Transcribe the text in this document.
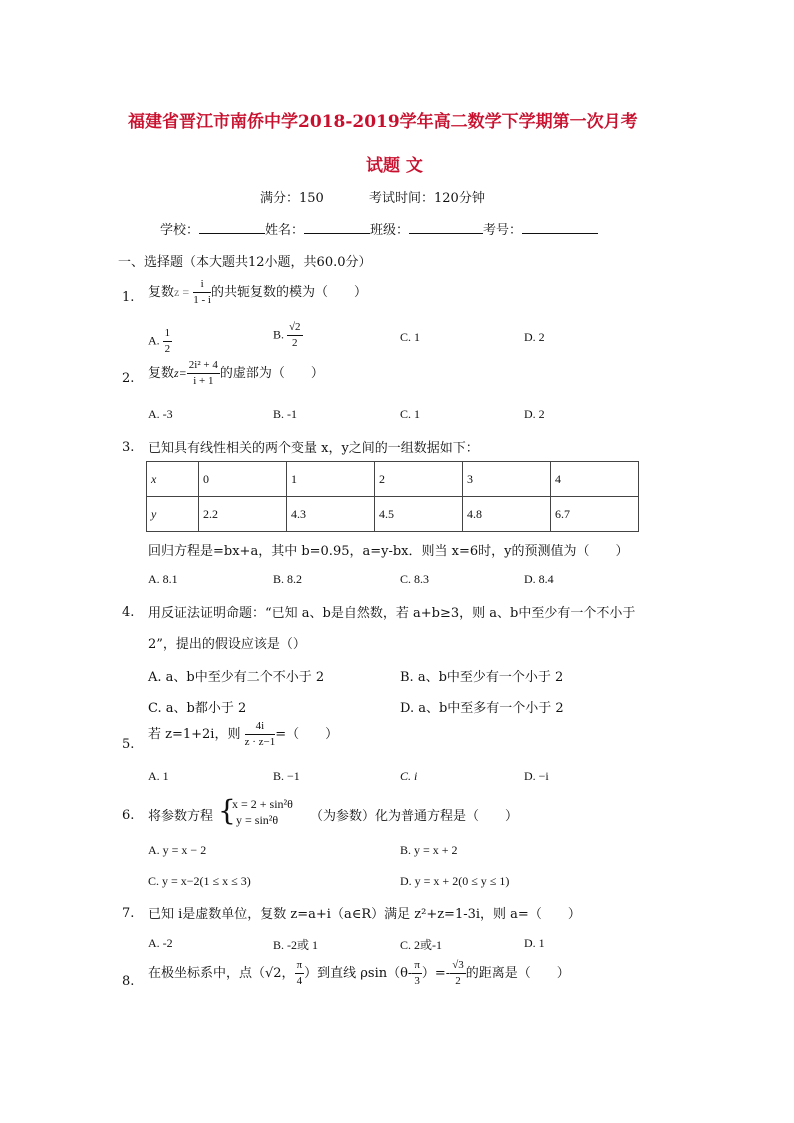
福建省晋江市南侨中学2018-2019学年高二数学下学期第一次月考
试题 文
满分：150	考试时间：120分钟
学校：	姓名：	班级：	考号：
一、选择题（本大题共12小题，共60.0分）
1. 复数$z = \frac{i}{1 - i}$ 的共轭复数的模为（　　）
A. $\frac{1}{2}$	B. $\frac{√2}{2}$	C. 1	D. 2
2. 复数$z= \frac{\text{2i² + 4}}{i + 1}$ 的虚部为（　　）
A. -3	B. -1	C. 1	D. 2
3. 已知具有线性相关的两个变量 x，y之间的一组数据如下：
x	0	1	2	3	4
y	2.2	4.3	4.5	4.8	6.7
回归方程是=bx+a，其中 b=0.95，a=y-bx．则当 x=6时，y的预测值为（　　）
A. 8.1	B. 8.2	C. 8.3	D. 8.4
4. 用反证法证明命题：“已知 a、b是自然数，若 a+b≥3，则 a、b中至少有一个不小于
2”，提出的假设应该是（）
A. a、b中至少有二个不小于 2	B. a、b中至少有一个小于 2
C. a、b都小于 2	D. a、b中至多有一个小于 2
5.
若 z=1+2i，则 $\frac{4i}{z \cdot z-1}$ =（　　）
A. 1	B. −1	C. i	D. −i
6. 将参数方程 {
x = 2 + sin²θ
y = sin²θ （为参数）化为普通方程是（　　）
A. y = x − 2	B. y = x + 2
C. y = x−2(1 ≤ x ≤ 3)	D. y = x + 2(0 ≤ y ≤ 1)
7. 已知 i是虚数单位，复数 z=a+i（a∈R）满足 z²+z=1-3i，则 a=（　　）
A. -2	B. -2或 1	C. 2或-1	D. 1
8.
在极坐标系中，点（√2， $\frac{\pi}{4}$ ）到直线 $\rho\sin(\theta- \frac{\pi}{3}$ ）=- $\frac{√3}{2}$ 的距离是（　　）
